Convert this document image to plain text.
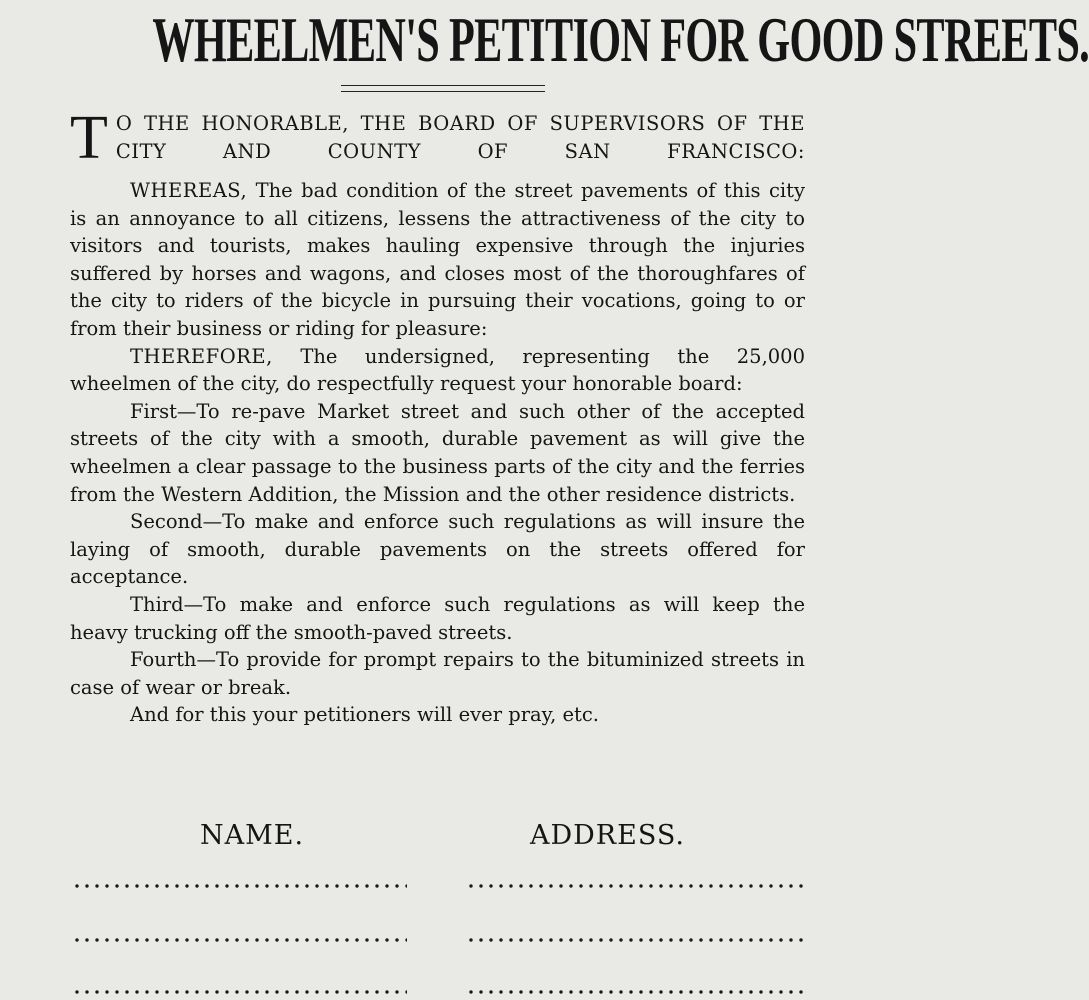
WHEELMEN'S PETITION FOR GOOD STREETS.
T O THE HONORABLE, THE BOARD OF SUPERVISORS OF THE CITY AND COUNTY OF SAN FRANCISCO:
WHEREAS, The bad condition of the street pavements of this city is an annoyance to all citizens, lessens the attractiveness of the city to visitors and tourists, makes hauling expensive through the injuries suffered by horses and wagons, and closes most of the thoroughfares of the city to riders of the bicycle in pursuing their vocations, going to or from their business or riding for pleasure:
THEREFORE, The undersigned, representing the 25,000 wheelmen of the city, do respectfully request your honorable board:
First—To re-pave Market street and such other of the accepted streets of the city with a smooth, durable pavement as will give the wheelmen a clear passage to the business parts of the city and the ferries from the Western Addition, the Mission and the other residence districts.
Second—To make and enforce such regulations as will insure the laying of smooth, durable pavements on the streets offered for acceptance.
Third—To make and enforce such regulations as will keep the heavy trucking off the smooth-paved streets.
Fourth—To provide for prompt repairs to the bituminized streets in case of wear or break.
And for this your petitioners will ever pray, etc.
NAME.	ADDRESS.
